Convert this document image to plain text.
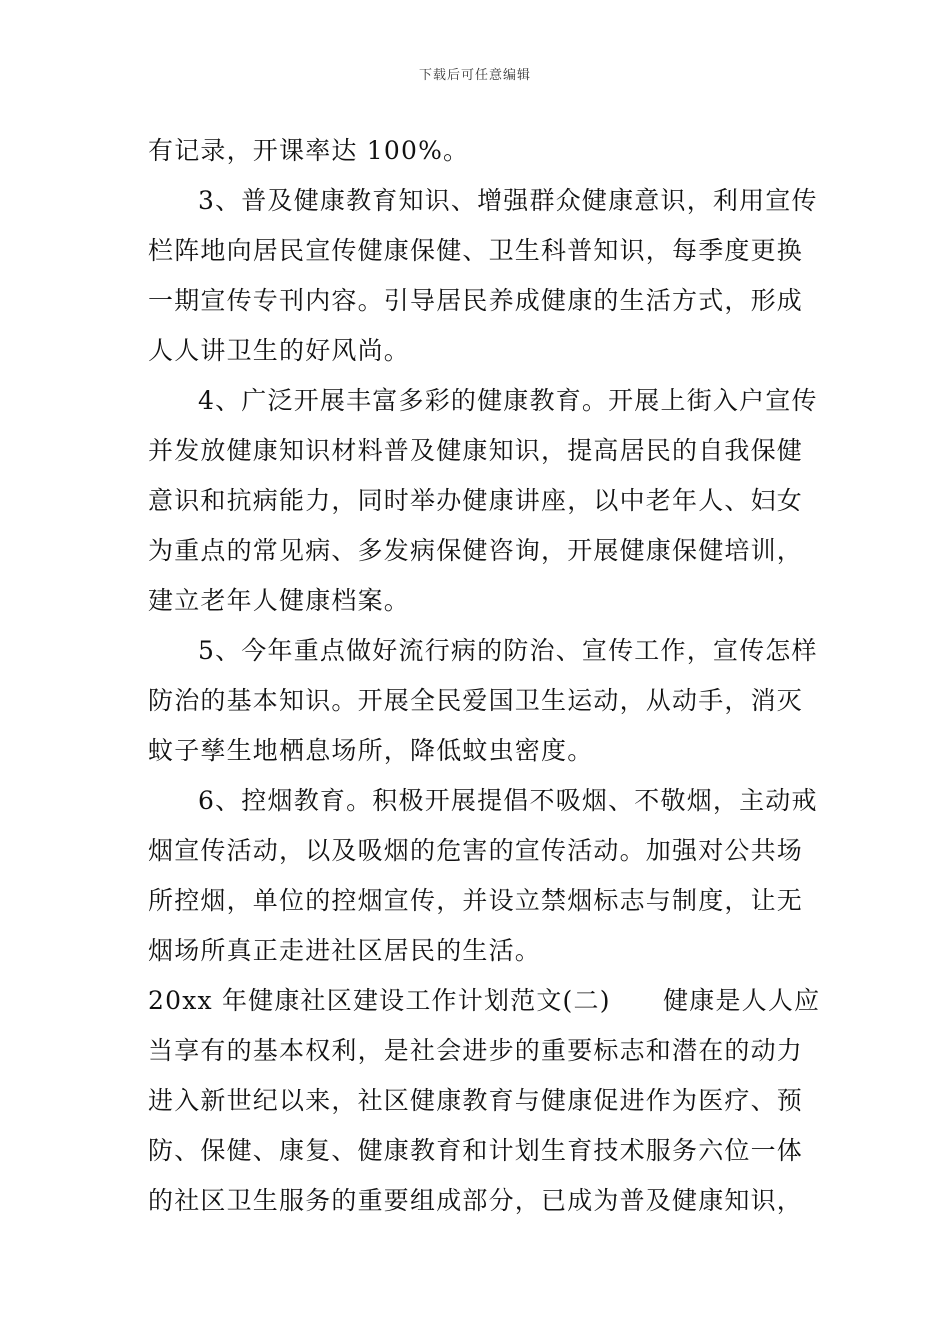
下载后可任意编辑
有记录，开课率达 100%。
3、普及健康教育知识、增强群众健康意识，利用宣传
栏阵地向居民宣传健康保健、卫生科普知识，每季度更换
一期宣传专刊内容。引导居民养成健康的生活方式，形成
人人讲卫生的好风尚。
4、广泛开展丰富多彩的健康教育。开展上街入户宣传
并发放健康知识材料普及健康知识，提高居民的自我保健
意识和抗病能力，同时举办健康讲座，以中老年人、妇女
为重点的常见病、多发病保健咨询，开展健康保健培训，
建立老年人健康档案。
5、今年重点做好流行病的防治、宣传工作，宣传怎样
防治的基本知识。开展全民爱国卫生运动，从动手，消灭
蚊子孳生地栖息场所，降低蚊虫密度。
6、控烟教育。积极开展提倡不吸烟、不敬烟，主动戒
烟宣传活动，以及吸烟的危害的宣传活动。加强对公共场
所控烟，单位的控烟宣传，并设立禁烟标志与制度，让无
烟场所真正走进社区居民的生活。
20xx 年健康社区建设工作计划范文(二)　　健康是人人应
当享有的基本权利，是社会进步的重要标志和潜在的动力
进入新世纪以来，社区健康教育与健康促进作为医疗、预
防、保健、康复、健康教育和计划生育技术服务六位一体
的社区卫生服务的重要组成部分，已成为普及健康知识，
